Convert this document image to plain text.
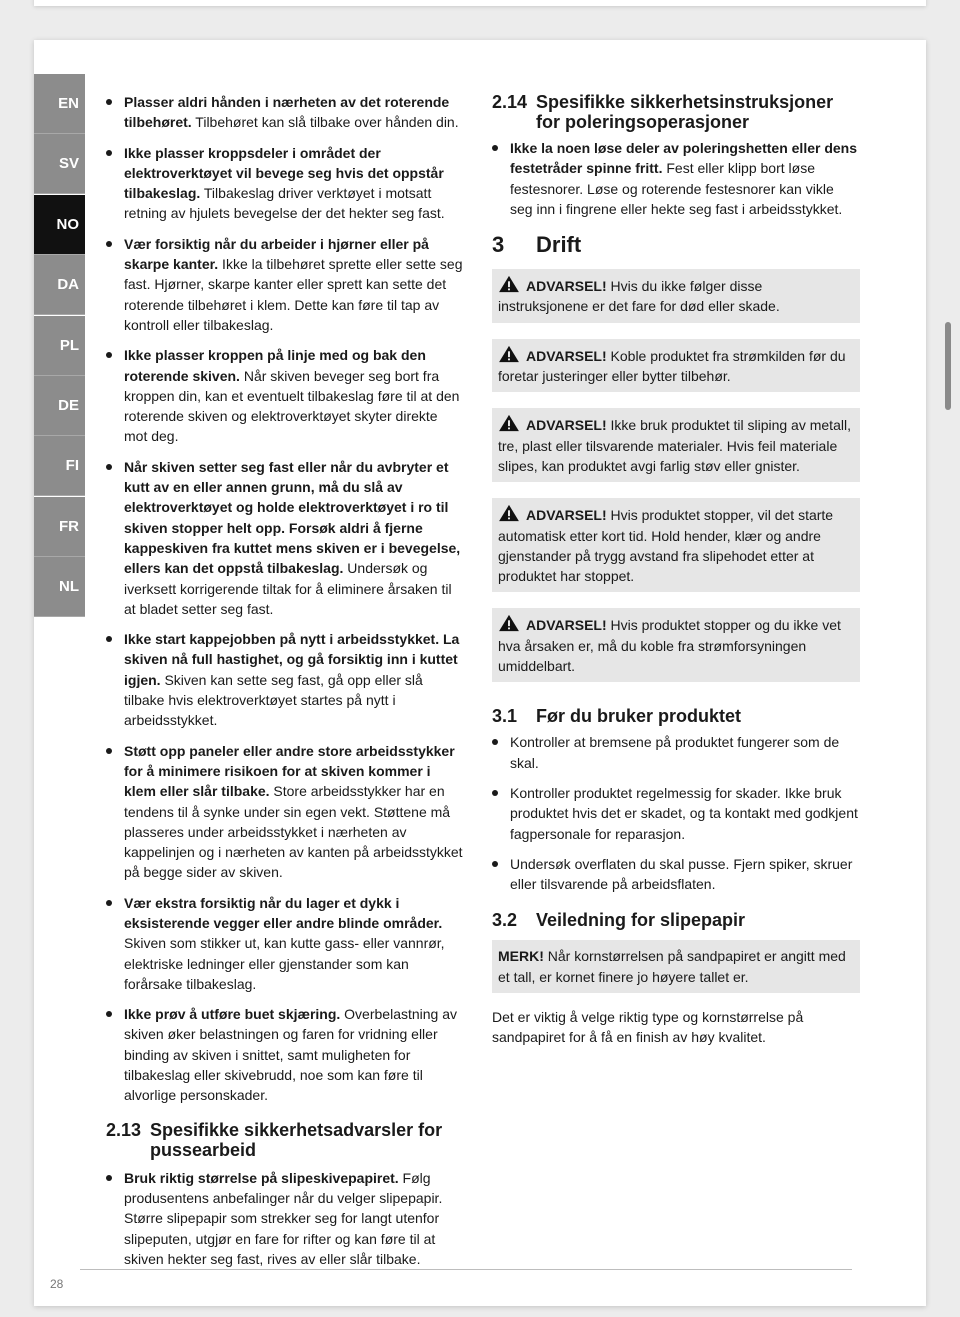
EN
SV
NO
DA
PL
DE
FI
FR
NL
Plasser aldri hånden i nærheten av det roterende tilbehøret. Tilbehøret kan slå tilbake over hånden din.
Ikke plasser kroppsdeler i området der elektroverktøyet vil bevege seg hvis det oppstår tilbakeslag. Tilbakeslag driver verktøyet i motsatt retning av hjulets bevegelse der det hekter seg fast.
Vær forsiktig når du arbeider i hjørner eller på skarpe kanter. Ikke la tilbehøret sprette eller sette seg fast. Hjørner, skarpe kanter eller sprett kan sette det roterende tilbehøret i klem. Dette kan føre til tap av kontroll eller tilbakeslag.
Ikke plasser kroppen på linje med og bak den roterende skiven. Når skiven beveger seg bort fra kroppen din, kan et eventuelt tilbakeslag føre til at den roterende skiven og elektroverktøyet skyter direkte mot deg.
Når skiven setter seg fast eller når du avbryter et kutt av en eller annen grunn, må du slå av elektroverktøyet og holde elektroverktøyet i ro til skiven stopper helt opp. Forsøk aldri å fjerne kappeskiven fra kuttet mens skiven er i bevegelse, ellers kan det oppstå tilbakeslag. Undersøk og iverksett korrigerende tiltak for å eliminere årsaken til at bladet setter seg fast.
Ikke start kappejobben på nytt i arbeidsstykket. La skiven nå full hastighet, og gå forsiktig inn i kuttet igjen. Skiven kan sette seg fast, gå opp eller slå tilbake hvis elektroverktøyet startes på nytt i arbeidsstykket.
Støtt opp paneler eller andre store arbeidsstykker for å minimere risikoen for at skiven kommer i klem eller slår tilbake. Store arbeidsstykker har en tendens til å synke under sin egen vekt. Støttene må plasseres under arbeidsstykket i nærheten av kappelinjen og i nærheten av kanten på arbeidsstykket på begge sider av skiven.
Vær ekstra forsiktig når du lager et dykk i eksisterende vegger eller andre blinde områder. Skiven som stikker ut, kan kutte gass- eller vannrør, elektriske ledninger eller gjenstander som kan forårsake tilbakeslag.
Ikke prøv å utføre buet skjæring. Overbelastning av skiven øker belastningen og faren for vridning eller binding av skiven i snittet, samt muligheten for tilbakeslag eller skivebrudd, noe som kan føre til alvorlige personskader.
2.13 Spesifikke sikkerhetsadvarsler for pussearbeid
Bruk riktig størrelse på slipeskivepapiret. Følg produsentens anbefalinger når du velger slipepapir. Større slipepapir som strekker seg for langt utenfor slipeputen, utgjør en fare for rifter og kan føre til at skiven hekter seg fast, rives av eller slår tilbake.
2.14 Spesifikke sikkerhetsinstruksjoner for poleringsoperasjoner
Ikke la noen løse deler av poleringshetten eller dens festetråder spinne fritt. Fest eller klipp bort løse festesnorer. Løse og roterende festesnorer kan vikle seg inn i fingrene eller hekte seg fast i arbeidsstykket.
3	Drift
ADVARSEL! Hvis du ikke følger disse instruksjonene er det fare for død eller skade.
ADVARSEL! Koble produktet fra strømkilden før du foretar justeringer eller bytter tilbehør.
ADVARSEL! Ikke bruk produktet til sliping av metall, tre, plast eller tilsvarende materialer. Hvis feil materiale slipes, kan produktet avgi farlig støv eller gnister.
ADVARSEL! Hvis produktet stopper, vil det starte automatisk etter kort tid. Hold hender, klær og andre gjenstander på trygg avstand fra slipehodet etter at produktet har stoppet.
ADVARSEL! Hvis produktet stopper og du ikke vet hva årsaken er, må du koble fra strømforsyningen umiddelbart.
3.1	Før du bruker produktet
Kontroller at bremsene på produktet fungerer som de skal.
Kontroller produktet regelmessig for skader. Ikke bruk produktet hvis det er skadet, og ta kontakt med godkjent fagpersonale for reparasjon.
Undersøk overflaten du skal pusse. Fjern spiker, skruer eller tilsvarende på arbeidsflaten.
3.2	Veiledning for slipepapir
MERK! Når kornstørrelsen på sandpapiret er angitt med et tall, er kornet finere jo høyere tallet er.

Det er viktig å velge riktig type og kornstørrelse på sandpapiret for å få en finish av høy kvalitet.

28
